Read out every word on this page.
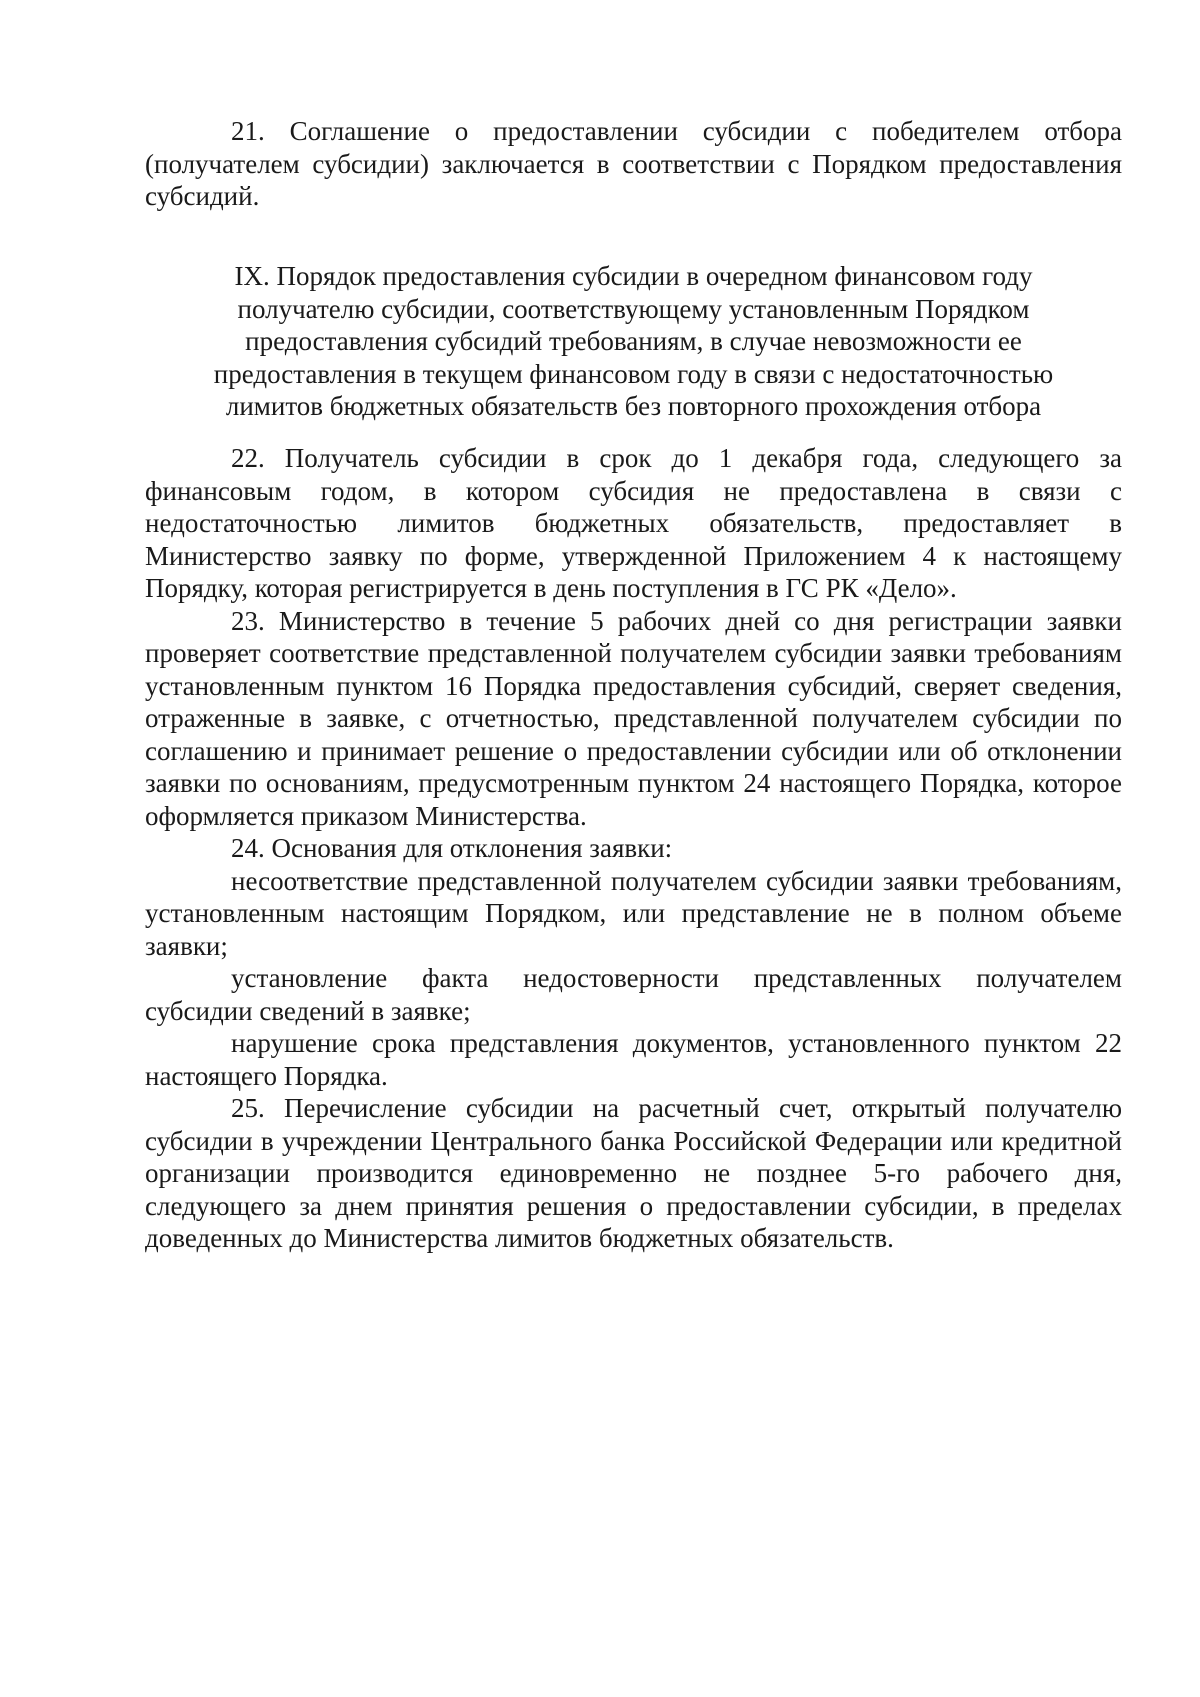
21. Соглашение о предоставлении субсидии с победителем отбора (получателем субсидии) заключается в соответствии с Порядком предоставления субсидий.

IX. Порядок предоставления субсидии в очередном финансовом году
получателю субсидии, соответствующему установленным Порядком
предоставления субсидий требованиям, в случае невозможности ее
предоставления в текущем финансовом году в связи с недостаточностью
лимитов бюджетных обязательств без повторного прохождения отбора

22. Получатель субсидии в срок до 1 декабря года, следующего за финансовым годом, в котором субсидия не предоставлена в связи с недостаточностью лимитов бюджетных обязательств, предоставляет в Министерство заявку по форме, утвержденной Приложением 4 к настоящему Порядку, которая регистрируется в день поступления в ГС РК «Дело».

23. Министерство в течение 5 рабочих дней со дня регистрации заявки проверяет соответствие представленной получателем субсидии заявки требованиям установленным пунктом 16 Порядка предоставления субсидий, сверяет сведения, отраженные в заявке, с отчетностью, представленной получателем субсидии по соглашению и принимает решение о предоставлении субсидии или об отклонении заявки по основаниям, предусмотренным пунктом 24 настоящего Порядка, которое оформляется приказом Министерства.

24. Основания для отклонения заявки:

несоответствие представленной получателем субсидии заявки требованиям, установленным настоящим Порядком, или представление не в полном объеме заявки;

установление факта недостоверности представленных получателем субсидии сведений в заявке;

нарушение срока представления документов, установленного пунктом 22 настоящего Порядка.

25. Перечисление субсидии на расчетный счет, открытый получателю субсидии в учреждении Центрального банка Российской Федерации или кредитной организации производится единовременно не позднее 5-го рабочего дня, следующего за днем принятия решения о предоставлении субсидии, в пределах доведенных до Министерства лимитов бюджетных обязательств.
